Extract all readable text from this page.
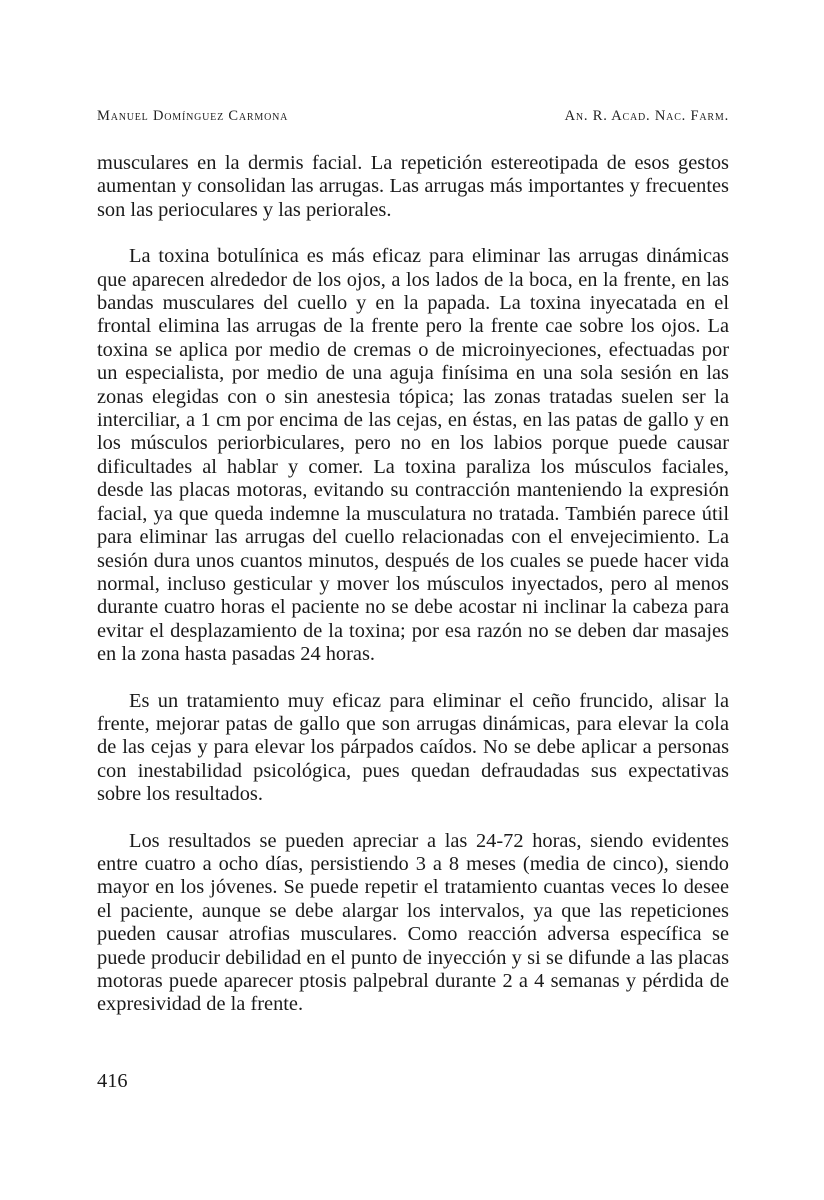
Manuel Domínguez Carmona	An. R. Acad. Nac. Farm.

musculares en la dermis facial. La repetición estereotipada de esos gestos aumentan y consolidan las arrugas. Las arrugas más importantes y frecuentes son las perioculares y las periorales.

La toxina botulínica es más eficaz para eliminar las arrugas dinámicas que aparecen alrededor de los ojos, a los lados de la boca, en la frente, en las bandas musculares del cuello y en la papada. La toxina inyecatada en el frontal elimina las arrugas de la frente pero la frente cae sobre los ojos. La toxina se aplica por medio de cremas o de microinyeciones, efectuadas por un especialista, por medio de una aguja finísima en una sola sesión en las zonas elegidas con o sin anestesia tópica; las zonas tratadas suelen ser la interciliar, a 1 cm por encima de las cejas, en éstas, en las patas de gallo y en los músculos periorbiculares, pero no en los labios porque puede causar dificultades al hablar y comer. La toxina paraliza los músculos faciales, desde las placas motoras, evitando su contracción manteniendo la expresión facial, ya que queda indemne la musculatura no tratada. También parece útil para eliminar las arrugas del cuello relacionadas con el envejecimiento. La sesión dura unos cuantos minutos, después de los cuales se puede hacer vida normal, incluso gesticular y mover los músculos inyectados, pero al menos durante cuatro horas el paciente no se debe acostar ni inclinar la cabeza para evitar el desplazamiento de la toxina; por esa razón no se deben dar masajes en la zona hasta pasadas 24 horas.

Es un tratamiento muy eficaz para eliminar el ceño fruncido, alisar la frente, mejorar patas de gallo que son arrugas dinámicas, para elevar la cola de las cejas y para elevar los párpados caídos. No se debe aplicar a personas con inestabilidad psicológica, pues quedan defraudadas sus expectativas sobre los resultados.

Los resultados se pueden apreciar a las 24-72 horas, siendo evidentes entre cuatro a ocho días, persistiendo 3 a 8 meses (media de cinco), siendo mayor en los jóvenes. Se puede repetir el tratamiento cuantas veces lo desee el paciente, aunque se debe alargar los intervalos, ya que las repeticiones pueden causar atrofias musculares. Como reacción adversa específica se puede producir debilidad en el punto de inyección y si se difunde a las placas motoras puede aparecer ptosis palpebral durante 2 a 4 semanas y pérdida de expresividad de la frente.

416
